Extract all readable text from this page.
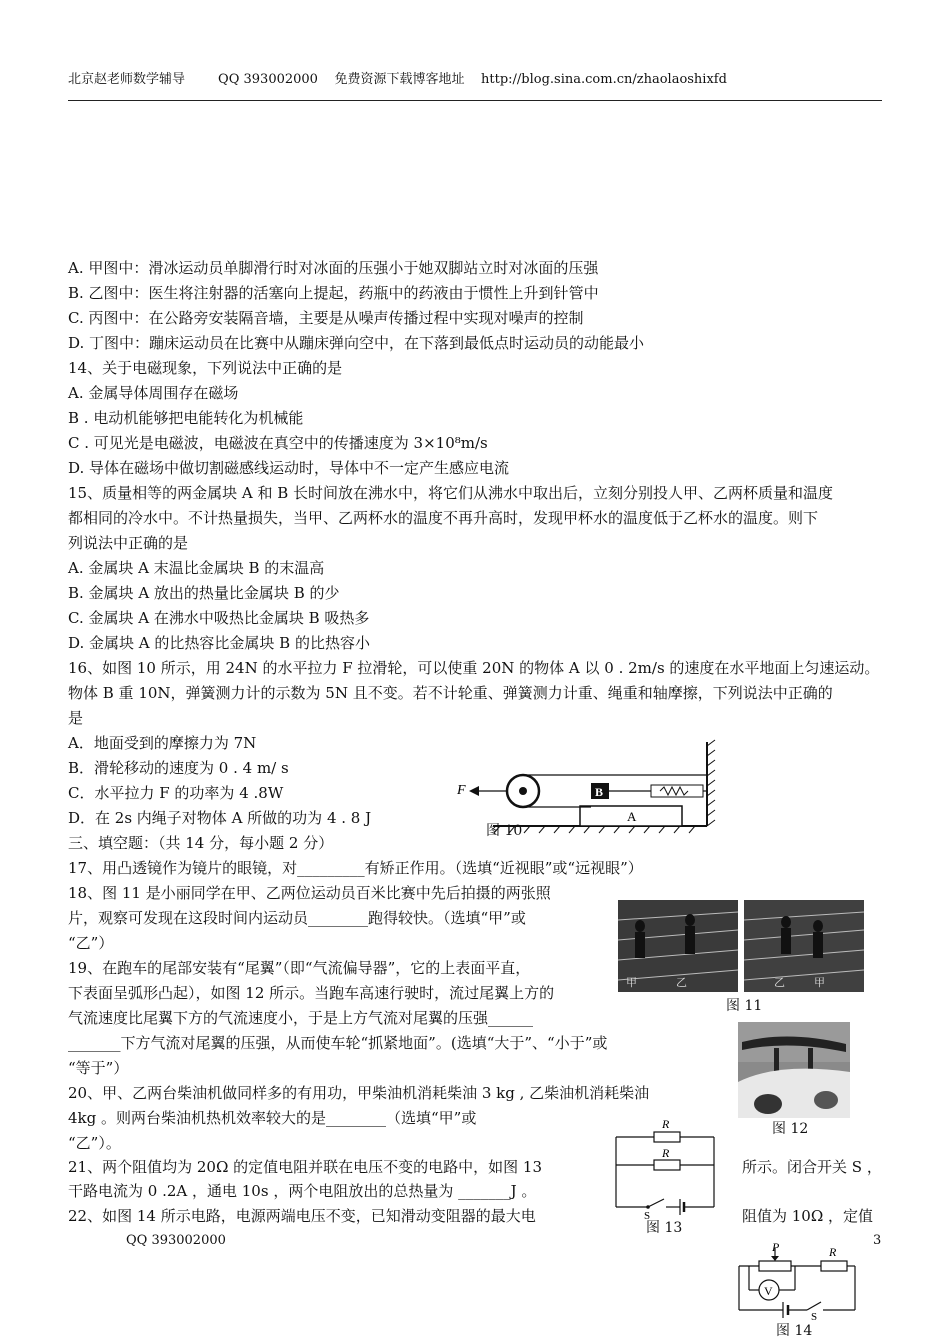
北京赵老师数学辅导        QQ 393002000    免费资源下载博客地址    http://blog.sina.com.cn/zhaolaoshixfd
A. 甲图中：滑冰运动员单脚滑行时对冰面的压强小于她双脚站立时对冰面的压强
B. 乙图中：医生将注射器的活塞向上提起，药瓶中的药液由于惯性上升到针管中
C. 丙图中：在公路旁安装隔音墙，主要是从噪声传播过程中实现对噪声的控制
D. 丁图中：蹦床运动员在比赛中从蹦床弹向空中，在下落到最低点时运动员的动能最小
14、关于电磁现象，下列说法中正确的是
A. 金属导体周围存在磁场
B . 电动机能够把电能转化为机械能
C . 可见光是电磁波，电磁波在真空中的传播速度为 3×10⁸m/s
D. 导体在磁场中做切割磁感线运动时，导体中不一定产生感应电流
15、质量相等的两金属块 A 和 B 长时间放在沸水中，将它们从沸水中取出后，立刻分别投人甲、乙两杯质量和温度
都相同的冷水中。不计热量损失，当甲、乙两杯水的温度不再升高时，发现甲杯水的温度低于乙杯水的温度。则下
列说法中正确的是
A. 金属块 A 末温比金属块 B 的末温高
B. 金属块 A 放出的热量比金属块 B 的少
C. 金属块 A 在沸水中吸热比金属块 B 吸热多
D. 金属块 A 的比热容比金属块 B 的比热容小
16、如图 10 所示，用 24N 的水平拉力 F 拉滑轮，可以使重 20N 的物体 A 以 0 . 2m/s 的速度在水平地面上匀速运动。
物体 B 重 10N，弹簧测力计的示数为 5N 且不变。若不计轮重、弹簧测力计重、绳重和轴摩擦，下列说法中正确的
是
A．地面受到的摩擦力为 7N
B．滑轮移动的速度为 0 . 4 m/ s
C．水平拉力 F 的功率为 4 .8W
D．在 2s 内绳子对物体 A 所做的功为 4 . 8 J
三、填空题：（共 14 分，每小题 2 分）
17、用凸透镜作为镜片的眼镜，对_________有矫正作用。（选填“近视眼”或“远视眼”）
18、图 11 是小丽同学在甲、乙两位运动员百米比赛中先后拍摄的两张照
片，观察可发现在这段时间内运动员________跑得较快。（选填“甲”或
“乙”）
19、在跑车的尾部安装有“尾翼”（即“气流偏导器”，它的上表面平直，
下表面呈弧形凸起），如图 12 所示。当跑车高速行驶时，流过尾翼上方的
气流速度比尾翼下方的气流速度小，于是上方气流对尾翼的压强______
_______下方气流对尾翼的压强，从而使车轮“抓紧地面”。(选填“大于”、“小于”或
“等于”）
20、甲、乙两台柴油机做同样多的有用功，甲柴油机消耗柴油 3 kg , 乙柴油机消耗柴油
4kg 。则两台柴油机热机效率较大的是________（选填“甲”或
“乙”）。
21、两个阻值均为 20Ω 的定值电阻并联在电压不变的电路中，如图 13
干路电流为 0 .2A ，通电 10s ，两个电阻放出的总热量为 _______J 。
22、如图 14 所示电路，电源两端电压不变，已知滑动变阻器的最大电
所示。闭合开关 S ，
阻值为 10Ω ，定值
A
B
F
图 10
甲	乙	乙	甲
图 11
图 12
R
R
S
图 13
V
P	R
S
图 14
QQ 393002000	3
